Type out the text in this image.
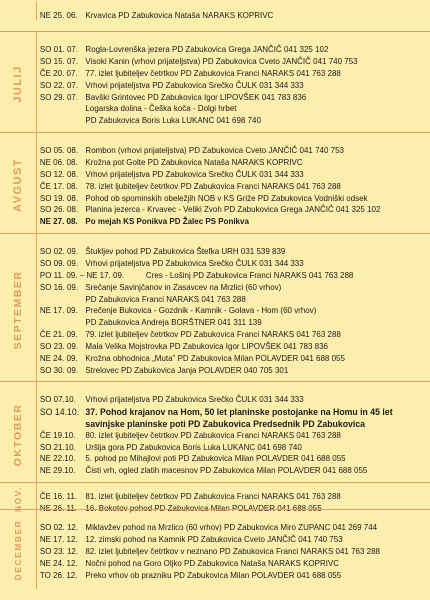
NE 25. 06. Krvavica PD Zabukovica Nataša NARAKS KOPRIVC
JULIJ
SO 01. 07. Rogla-Lovrenška jezera PD Zabukovica Grega JANČIČ 041 325 102
SO 15. 07. Visoki Kanin (vrhovi prijateljstva) PD Zabukovica Cveto JANČIČ 041 740 753
ČE 20. 07. 77. izlet ljubiteljev četrtkov PD Zabukovica Franci NARAKS 041 763 288
SO 22. 07. Vrhovi prijateljstva PD Zabukovica Srečko ČULK 031 344 333
SO 29. 07. Bavški Grintovec PD Zabukovica Igor LIPOVŠEK 041 783 836
Logarska dolina - Češka koča - Dolgi hrbet
PD Zabukovica Boris Luka LUKANC 041 698 740
AVGUST
SO 05. 08. Rombon (vrhovi prijateljstva) PD Zabukovica Cveto JANČIČ 041 740 753
NE 06. 08. Krožna pot Golte PD Zabukovica Nataša NARAKS KOPRIVC
SO 12. 08. Vrhovi prijateljstva PD Zabukovica Srečko ČULK 031 344 333
ČE 17. 08. 78. izlet ljubiteljev četrtkov PD Zabukovica Franci NARAKS 041 763 288
SO 19. 08. Pohod ob spominskih obeležjih NOB v KS Griže PD Zabukovica Vodniški odsek
SO 26. 08. Planina jezerca - Krvavec - Veliki Zvoh PD Zabukovica Grega JANČIČ 041 325 102
NE 27. 08. Po mejah KS Ponikva PD Žalec PS Ponikva
SEPTEMBER
SO 02. 09. Štukljev pohod PD Zabukovica Štefka URH 031 539 839
SO 09. 09. Vrhovi prijateljstva PD Zabukovica Srečko ČULK 031 344 333
PO 11. 09. – NE 17. 09.	Cres - Lošinj PD Zabukovica Franci NARAKS 041 763 288
SO 16. 09. Srečanje Savinjčanov in Zasavcev na Mrzlici (60 vrhov)
PD Zabukovica Franci NARAKS 041 763 288
NE 17. 09. Prečenje Bukovica - Gozdnik - Kamnik - Golava - Hom (60 vrhov)
PD Zabukovica Andreja BORŠTNER 041 311 139
ČE 21. 09. 79. izlet ljubiteljev četrtkov PD Zabukovica Franci NARAKS 041 763 288
SO 23. 09. Mala Velika Mojstrovka PD Zabukovica Igor LIPOVŠEK 041 783 836
NE 24. 09. Krožna obhodnica „Muta" PD Zabukovica Milan POLAVDER 041 688 055
SO 30. 09. Strelovec PD Zabukovica Janja POLAVDER 040 705 301
OKTOBER
SO 07.10. Vrhovi prijateljstva PD Zabukovica Srečko ČULK 031 344 333
SO 14.10. 37. Pohod krajanov na Hom, 50 let planinske postojanke na Homu in 45 let
savinjske planinske poti PD Zabukovica Predsednik PD Zabukovica
ČE 19.10. 80. izlet ljubiteljev četrtkov PD Zabukovica Franci NARAKS 041 763 288
SO 21.10. Uršlja gora PD Zabukovica Boris Luka LUKANC 041 698 740
NE 22.10. 5. pohod po Mihajlovi poti PD Zabukovica Milan POLAVDER 041 688 055
NE 29.10. Čisti vrh, ogled zlatih macesnov PD Zabukovica Milan POLAVDER 041 688 055
NOV. ČE 16. 11. 81. izlet ljubiteljev četrtkov PD Zabukovica Franci NARAKS 041 763 288
NE 26. 11. 16. Bokotov pohod PD Zabukovica Milan POLAVDER 041 688 055
DECEMBER SO 02. 12. Miklavžev pohod na Mrzlico (60 vrhov) PD Zabukovica Miro ZUPANC 041 269 744
NE 17. 12. 12. zimski pohod na Kamnik PD Zabukovica Cveto JANČIČ 041 740 753
SO 23. 12. 82. izlet ljubiteljev četrtkov v neznano PD Zabukovica Franci NARAKS 041 763 288
NE 24. 12. Nočni pohod na Goro Oljko PD Zabukovica Nataša NARAKS KOPRIVC
TO 26. 12. Preko vrhov ob prazniku PD Zabukovica Milan POLAVDER 041 688 055
